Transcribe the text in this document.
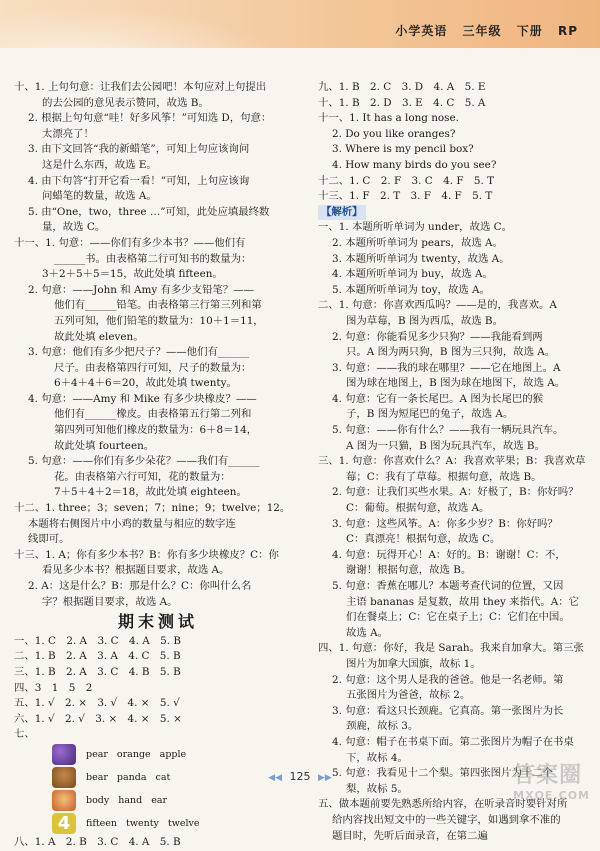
小学英语 三年级 下册 RP
十、1. 上句句意：让我们去公园吧！本句应对上句提出
的去公园的意见表示赞同，故选 B。
2. 根据上句句意“哇！好多风筝！”可知选 D，句意：
太漂亮了！
3. 由下文回答“我的新蜡笔”，可知上句应该询问
这是什么东西，故选 E。
4. 由下句答“打开它看一看！”可知，上句应该询
问蜡笔的数量，故选 A。
5. 由“One，two，three …”可知，此处应填最终数
量，故选 C。
十一、1. 句意：——你们有多少本书？——他们有
______书。由表格第二行可知书的数量为：
3＋2＋5＋5＝15，故此处填 fifteen。
2. 句意：——John 和 Amy 有多少支铅笔？——
他们有______铅笔。由表格第三行第三列和第
五列可知，他们铅笔的数量为：10＋1＝11，
故此处填 eleven。
3. 句意：他们有多少把尺子？——他们有______
尺子。由表格第四行可知，尺子的数量为：
6＋4＋4＋6＝20，故此处填 twenty。
4. 句意：——Amy 和 Mike 有多少块橡皮？——
他们有______橡皮。由表格第五行第二列和
第四列可知他们橡皮的数量为：6＋8＝14，
故此处填 fourteen。
5. 句意：——你们有多少朵花？——我们有______
花。由表格第六行可知，花的数量为：
7＋5＋4＋2＝18，故此处填 eighteen。
十二、1. three；3；seven；7；nine；9；twelve；12。
本题将右侧图片中小鸡的数量与相应的数字连
线即可。
十三、1. A；你有多少本书？B：你有多少块橡皮？C：你
看见多少本书？根据题目要求，故选 A。
2. A：这是什么？B：那是什么？C：你叫什么名
字？根据题目要求，故选 A。
期末测试
一、1. C　2. A　3. C　4. A　5. B
二、1. B　2. A　3. A　4. C　5. B
三、1. B　2. A　3. C　4. B　5. B
四、3　1　5　2
五、1. √　2. ×　3. √　4. ×　5. √
六、1. √　2. √　3. ×　4. ×　5. ×
七、
pear orange apple
bear panda cat
body hand ear
4	fifteen twenty twelve
八、1. A　2. B　3. C　4. A　5. B
九、1. B　2. C　3. D　4. A　5. E
十、1. B　2. D　3. E　4. C　5. A
十一、1. It has a long nose.
2. Do you like oranges?
3. Where is my pencil box?
4. How many birds do you see?
十二、1. C　2. F　3. C　4. F　5. T
十三、1. F　2. T　3. F　4. F　5. T
【解析】
一、1. 本题所听单词为 under，故选 C。
2. 本题所听单词为 pears，故选 A。
3. 本题所听单词为 twenty，故选 A。
4. 本题所听单词为 buy，故选 A。
5. 本题所听单词为 toy，故选 A。
二、1. 句意：你喜欢西瓜吗？——是的，我喜欢。A
图为草莓，B 图为西瓜，故选 B。
2. 句意：你能看见多少只狗？——我能看到两
只。A 图为两只狗，B 图为三只狗，故选 A。
3. 句意：——我的球在哪里？——它在地图上。A
图为球在地图上，B 图为球在地图下，故选 A。
4. 句意：它有一条长尾巴。A 图为长尾巴的猴
子，B 图为短尾巴的兔子，故选 A。
5. 句意：——你有什么？——我有一辆玩具汽车。
A 图为一只猫，B 图为玩具汽车，故选 B。
三、1. 句意：你喜欢什么？A：我喜欢苹果；B：我喜欢草
莓；C：我有了草莓。根据句意，故选 B。
2. 句意：让我们买些水果。A：好极了，B：你好吗？
C：葡萄。根据句意，故选 A。
3. 句意：这些风筝。A：你多少岁？B：你好吗？
C：真漂亮！根据句意，故选 C。
4. 句意：玩得开心！A：好的。B：谢谢！C：不，
谢谢！根据句意，故选 B。
5. 句意：香蕉在哪儿？本题考查代词的位置，又因
主语 bananas 是复数，故用 they 来指代。A：它
们在餐桌上；C：它在桌子上；C：它们在中国。
故选 A。
四、1. 句意：你好，我是 Sarah。我来自加拿大。第三张
图片为加拿大国旗，故标 1。
2. 句意：这个男人是我的爸爸。他是一名老师。第
五张图片为爸爸，故标 2。
3. 句意：看这只长颈鹿。它真高。第一张图片为长
颈鹿，故标 3。
4. 句意：帽子在书桌下面。第二张图片为帽子在书桌
下，故标 4。
5. 句意：我看见十二个梨。第四张图片为十二个
梨，故标 5。
五、做本题前要先熟悉所给内容，在听录音时要针对所
给内容找出短文中的一些关键字，如遇到拿不准的
题目时，先听后面录音，在第二遍
◀◀ 125 ▶▶	答案圈
MXQE.COM
